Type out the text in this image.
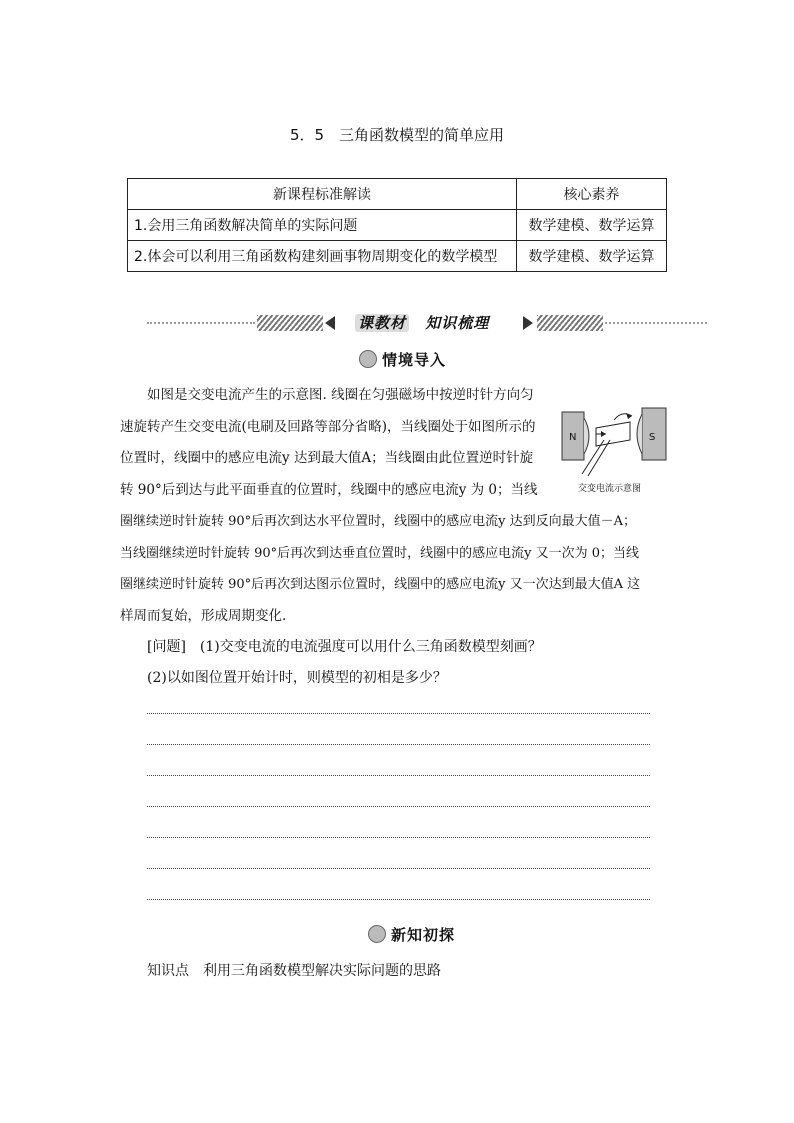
5．5　三角函数模型的简单应用
新课程标准解读	核心素养
1.会用三角函数解决简单的实际问题	数学建模、数学运算
2.体会可以利用三角函数构建刻画事物周期变化的数学模型	数学建模、数学运算
课教材 知识梳理
情境导入
N	S
交变电流示意图

如图是交变电流产生的示意图. 线圈在匀强磁场中按逆时针方向匀

速旋转产生交变电流(电刷及回路等部分省略)，当线圈处于如图所示的

位置时，线圈中的感应电流y 达到最大值A；当线圈由此位置逆时针旋

转 90°后到达与此平面垂直的位置时，线圈中的感应电流y 为 0；当线

圈继续逆时针旋转 90°后再次到达水平位置时，线圈中的感应电流y 达到反向最大值－A；

当线圈继续逆时针旋转 90°后再次到达垂直位置时，线圈中的感应电流y 又一次为 0；当线

圈继续逆时针旋转 90°后再次到达图示位置时，线圈中的感应电流y 又一次达到最大值A 这

样周而复始，形成周期变化.

[问题]　(1)交变电流的电流强度可以用什么三角函数模型刻画？
(2)以如图位置开始计时，则模型的初相是多少？
新知初探
知识点　利用三角函数模型解决实际问题的思路
